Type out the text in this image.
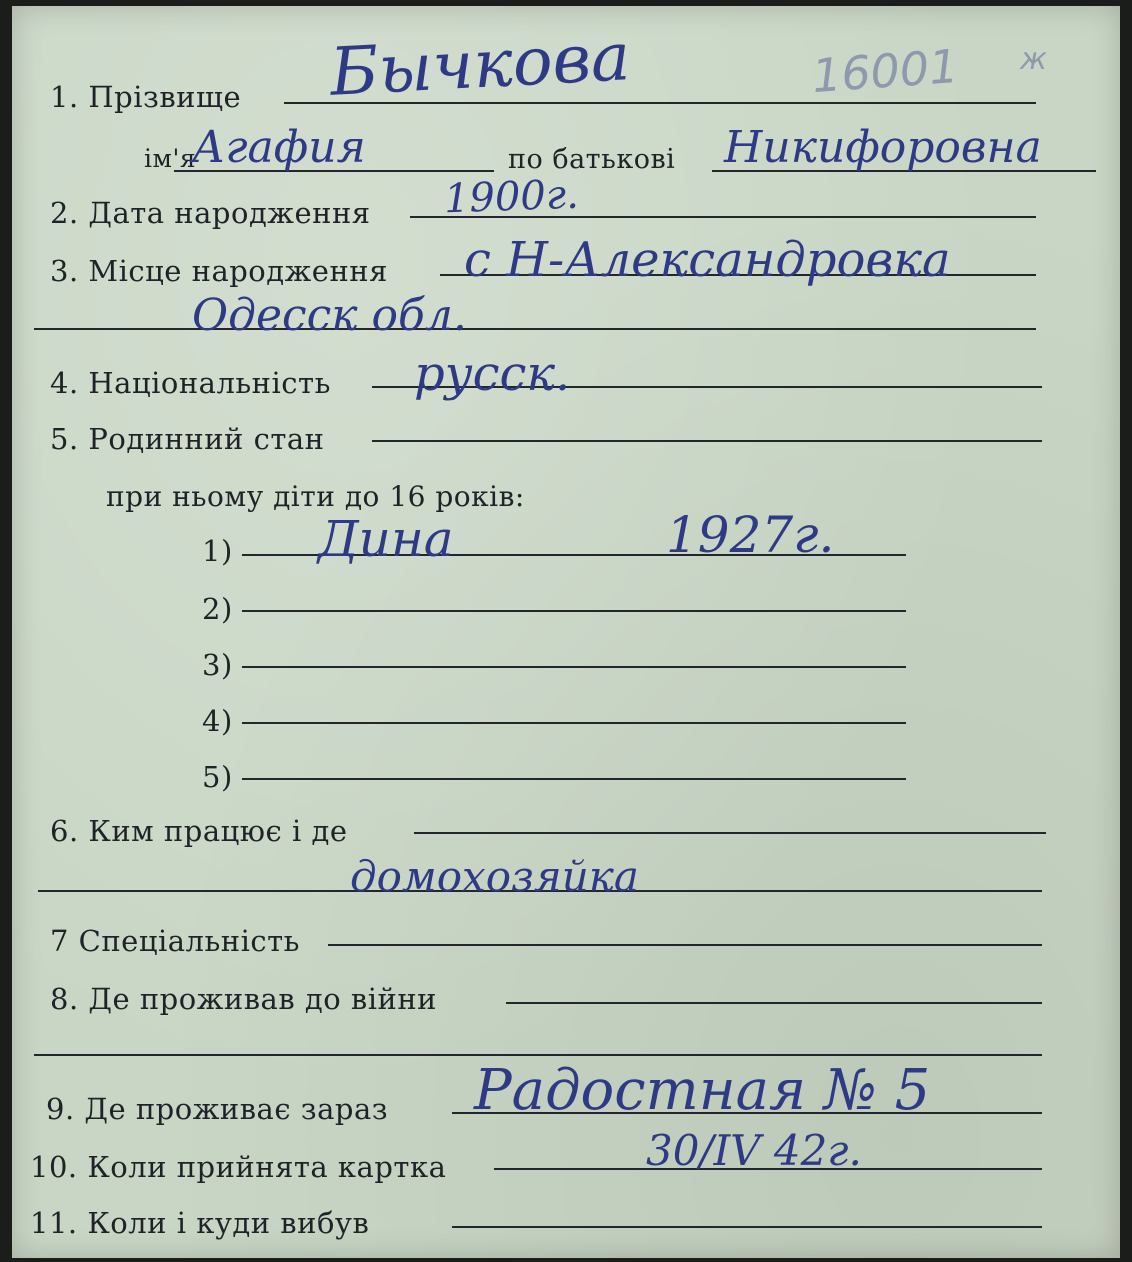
1. Прізвище Бычкова	16001 ж
ім'я
Агафия	по батькові Никифоровна
2. Дата народження 1900г.
3. Місце народження с Н-Александровка
Одесск обл.
4. Національність русск.
5. Родинний стан
при ньому діти до 16 років:
1) Дина	1927г.
2)
3)
4)
5)
6. Ким працює і де
домохозяйка
7 Спеціальність
8. Де проживав до війни
9. Де проживає зараз Радостная № 5
10. Коли прийнята картка	30/IV 42г.
11. Коли і куди вибув
